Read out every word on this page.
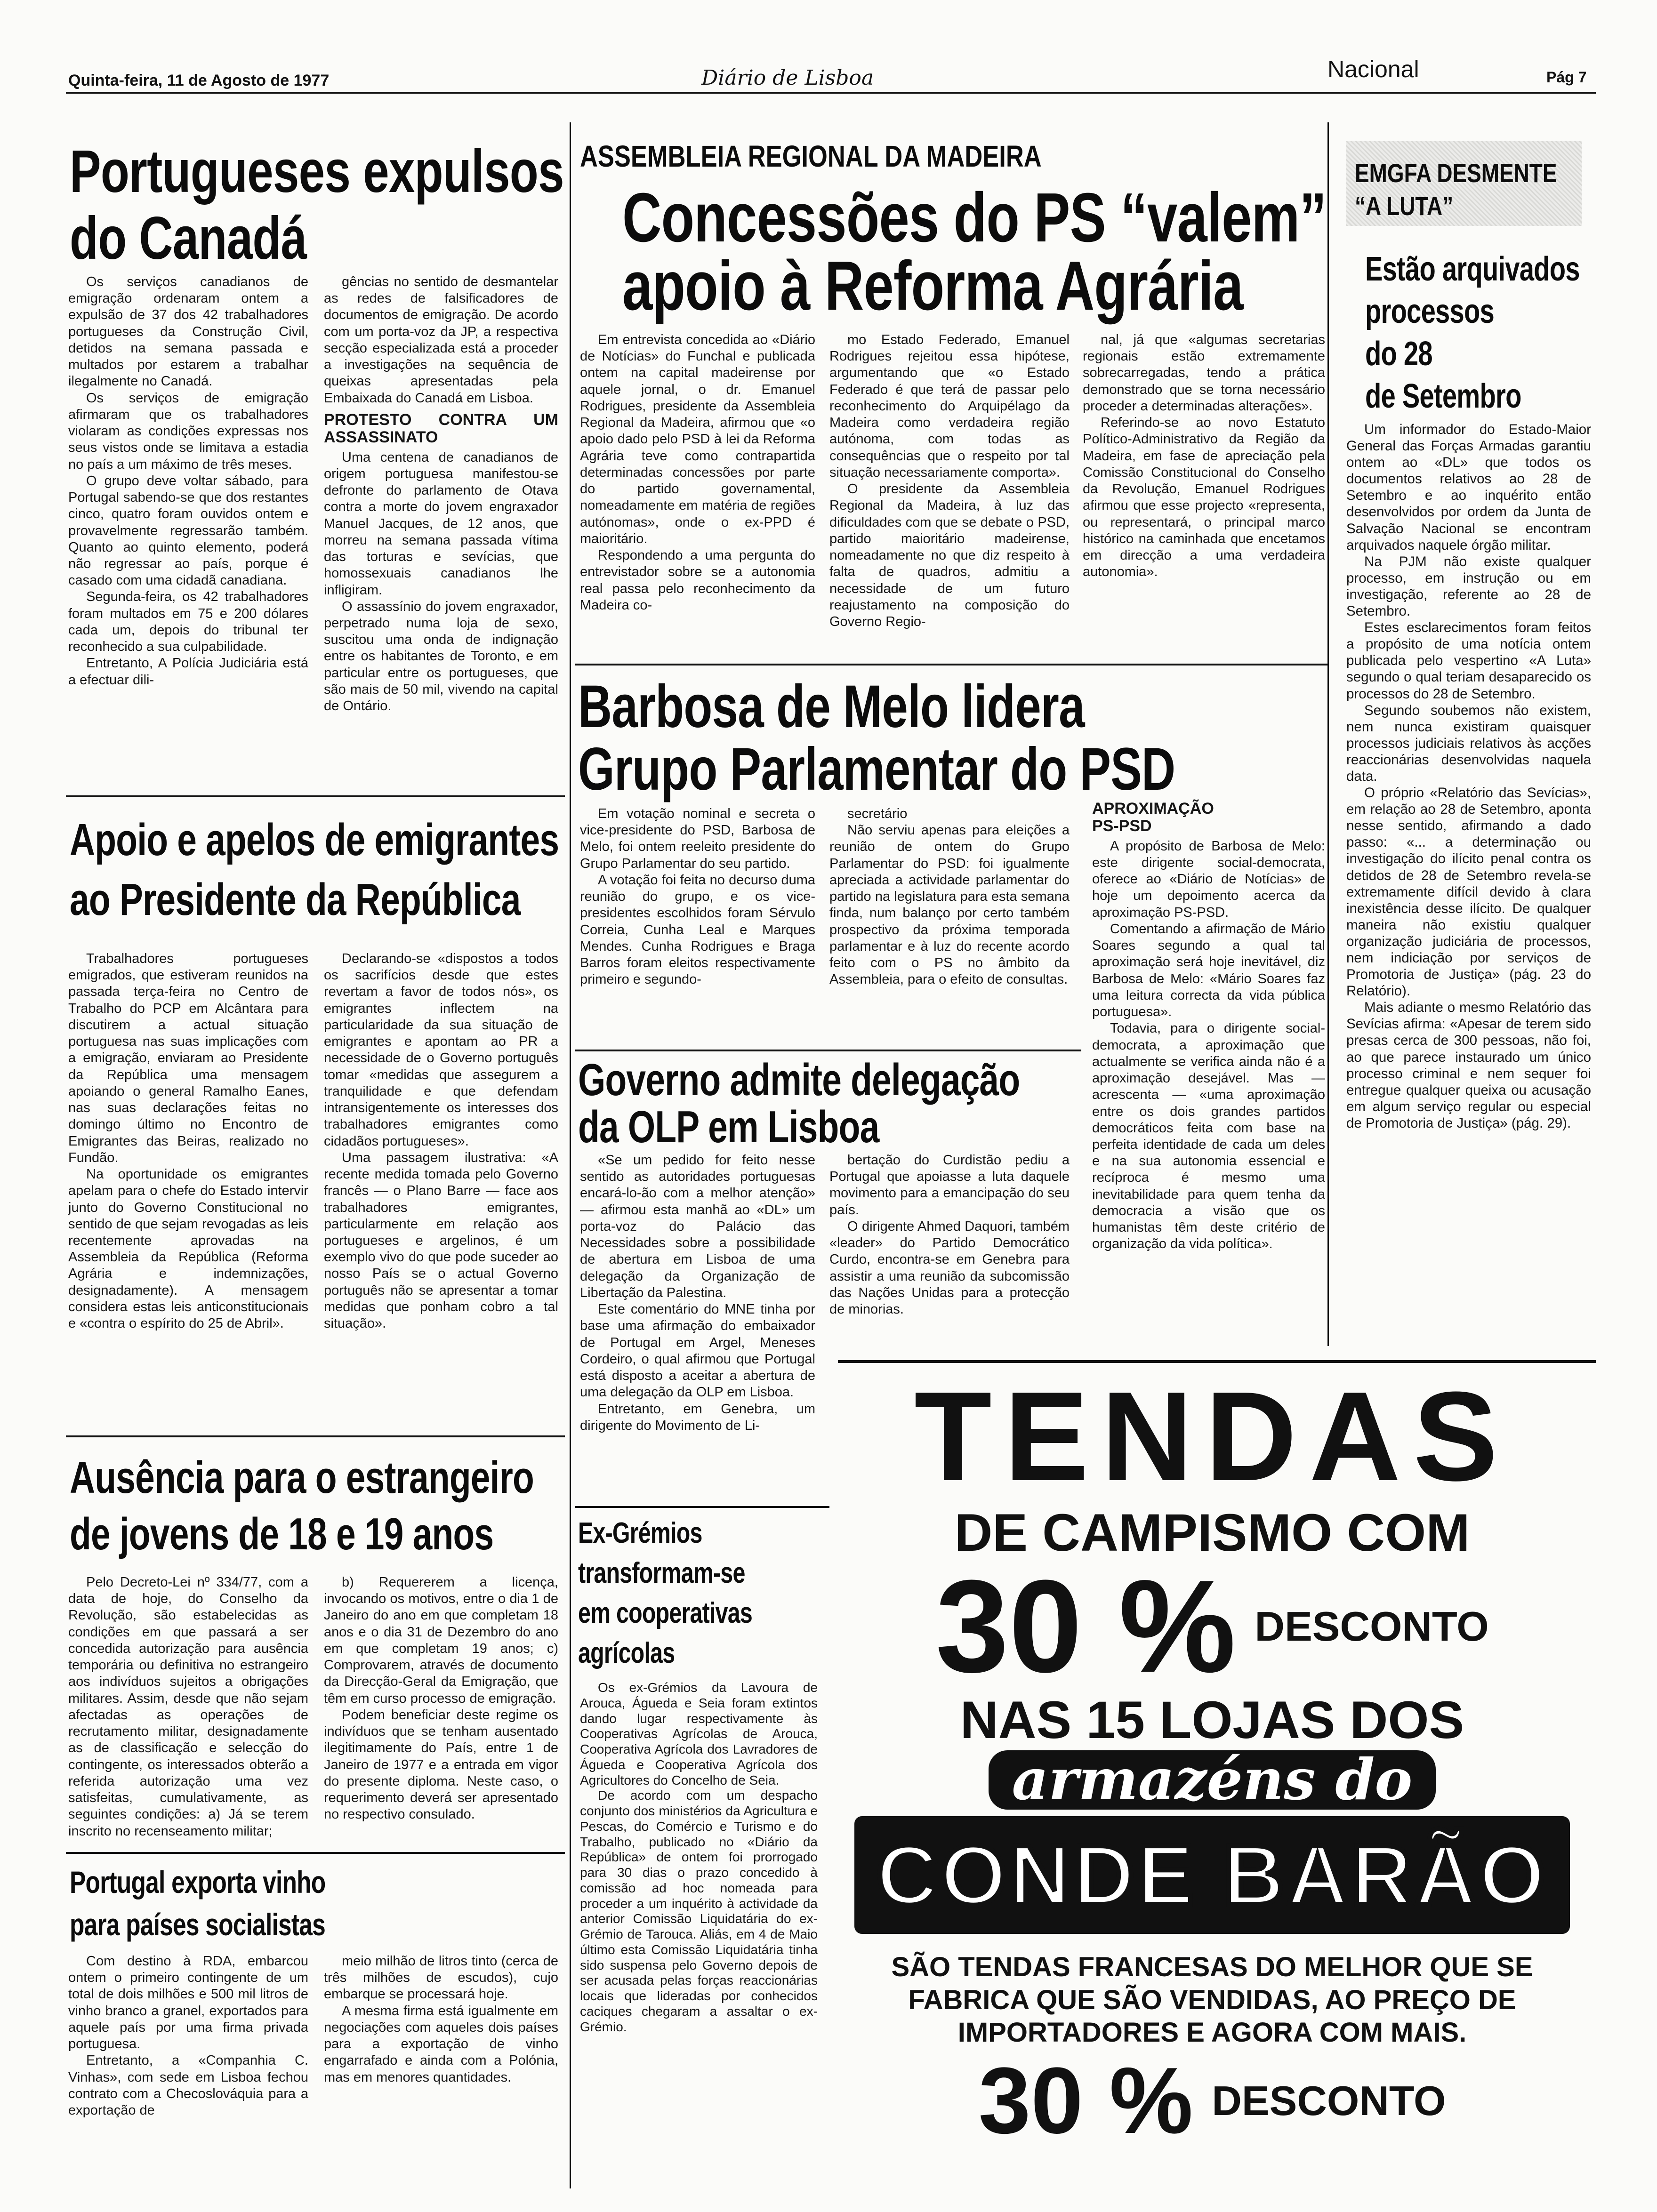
Quinta-feira, 11 de Agosto de 1977	Diário de Lisboa	Nacional	Pág 7
Portugueses expulsos
do Canadá

Os serviços canadianos de emigração ordenaram ontem a expulsão de 37 dos 42 trabalhadores portugueses da Construção Civil, detidos na semana passada e multados por estarem a trabalhar ilegalmente no Canadá.

Os serviços de emigração afirmaram que os trabalhadores violaram as condições expressas nos seus vistos onde se limitava a estadia no país a um máximo de três meses.

O grupo deve voltar sábado, para Portugal sabendo-se que dos restantes cinco, quatro foram ouvidos ontem e provavelmente regressarão também. Quanto ao quinto elemento, poderá não regressar ao país, porque é casado com uma cidadã canadiana.

Segunda-feira, os 42 trabalhadores foram multados em 75 e 200 dólares cada um, depois do tribunal ter reconhecido a sua culpabilidade.

Entretanto, A Polícia Judiciária está a efectuar dili-

gências no sentido de desmantelar as redes de falsificadores de documentos de emigração. De acordo com um porta-voz da JP, a respectiva secção especializada está a proceder a investigações na sequência de queixas apresentadas pela Embaixada do Canadá em Lisboa.

PROTESTO CONTRA UM ASSASSINATO

Uma centena de canadianos de origem portuguesa manifestou-se defronte do parlamento de Otava contra a morte do jovem engraxador Manuel Jacques, de 12 anos, que morreu na semana passada vítima das torturas e sevícias, que homossexuais canadianos lhe infligiram.

O assassínio do jovem engraxador, perpetrado numa loja de sexo, suscitou uma onda de indignação entre os habitantes de Toronto, e em particular entre os portugueses, que são mais de 50 mil, vivendo na capital de Ontário.

Apoio e apelos de emigrantes
ao Presidente da República

Trabalhadores portugueses emigrados, que estiveram reunidos na passada terça-feira no Centro de Trabalho do PCP em Alcântara para discutirem a actual situação portuguesa nas suas implicações com a emigração, enviaram ao Presidente da República uma mensagem apoiando o general Ramalho Eanes, nas suas declarações feitas no domingo último no Encontro de Emigrantes das Beiras, realizado no Fundão.

Na oportunidade os emigrantes apelam para o chefe do Estado intervir junto do Governo Constitucional no sentido de que sejam revogadas as leis recentemente aprovadas na Assembleia da República (Reforma Agrária e indemnizações, designadamente). A mensagem considera estas leis anticonstitucionais e «contra o espírito do 25 de Abril».

Declarando-se «dispostos a todos os sacrifícios desde que estes revertam a favor de todos nós», os emigrantes inflectem na particularidade da sua situação de emigrantes e apontam ao PR a necessidade de o Governo português tomar «medidas que assegurem a tranquilidade e que defendam intransigentemente os interesses dos trabalhadores emigrantes como cidadãos portugueses».

Uma passagem ilustrativa: «A recente medida tomada pelo Governo francês — o Plano Barre — face aos trabalhadores emigrantes, particularmente em relação aos portugueses e argelinos, é um exemplo vivo do que pode suceder ao nosso País se o actual Governo português não se apresentar a tomar medidas que ponham cobro a tal situação».

Ausência para o estrangeiro
de jovens de 18 e 19 anos

Pelo Decreto-Lei nº 334/77, com a data de hoje, do Conselho da Revolução, são estabelecidas as condições em que passará a ser concedida autorização para ausência temporária ou definitiva no estrangeiro aos indivíduos sujeitos a obrigações militares. Assim, desde que não sejam afectadas as operações de recrutamento militar, designadamente as de classificação e selecção do contingente, os interessados obterão a referida autorização uma vez satisfeitas, cumulativamente, as seguintes condições: a) Já se terem inscrito no recenseamento militar;

b) Requererem a licença, invocando os motivos, entre o dia 1 de Janeiro do ano em que completam 18 anos e o dia 31 de Dezembro do ano em que completam 19 anos; c) Comprovarem, através de documento da Direcção-Geral da Emigração, que têm em curso processo de emigração.

Podem beneficiar deste regime os indivíduos que se tenham ausentado ilegitimamente do País, entre 1 de Janeiro de 1977 e a entrada em vigor do presente diploma. Neste caso, o requerimento deverá ser apresentado no respectivo consulado.

Portugal exporta vinho
para países socialistas

Com destino à RDA, embarcou ontem o primeiro contingente de um total de dois milhões e 500 mil litros de vinho branco a granel, exportados para aquele país por uma firma privada portuguesa.

Entretanto, a «Companhia C. Vinhas», com sede em Lisboa fechou contrato com a Checoslováquia para a exportação de

meio milhão de litros tinto (cerca de três milhões de escudos), cujo embarque se processará hoje.

A mesma firma está igualmente em negociações com aqueles dois países para a exportação de vinho engarrafado e ainda com a Polónia, mas em menores quantidades.

ASSEMBLEIA REGIONAL DA MADEIRA
Concessões do PS “valem”
apoio à Reforma Agrária

Em entrevista concedida ao «Diário de Notícias» do Funchal e publicada ontem na capital madeirense por aquele jornal, o dr. Emanuel Rodrigues, presidente da Assembleia Regional da Madeira, afirmou que «o apoio dado pelo PSD à lei da Reforma Agrária teve como contrapartida determinadas concessões por parte do partido governamental, nomeadamente em matéria de regiões autónomas», onde o ex-PPD é maioritário.

Respondendo a uma pergunta do entrevistador sobre se a autonomia real passa pelo reconhecimento da Madeira co-

mo Estado Federado, Emanuel Rodrigues rejeitou essa hipótese, argumentando que «o Estado Federado é que terá de passar pelo reconhecimento do Arquipélago da Madeira como verdadeira região autónoma, com todas as consequências que o respeito por tal situação necessariamente comporta».

O presidente da Assembleia Regional da Madeira, à luz das dificuldades com que se debate o PSD, partido maioritário madeirense, nomeadamente no que diz respeito à falta de quadros, admitiu a necessidade de um futuro reajustamento na composição do Governo Regio-

nal, já que «algumas secretarias regionais estão extremamente sobrecarregadas, tendo a prática demonstrado que se torna necessário proceder a determinadas alterações».

Referindo-se ao novo Estatuto Político-Administrativo da Região da Madeira, em fase de apreciação pela Comissão Constitucional do Conselho da Revolução, Emanuel Rodrigues afirmou que esse projecto «representa, ou representará, o principal marco histórico na caminhada que encetamos em direcção a uma verdadeira autonomia».

Barbosa de Melo lidera
Grupo Parlamentar do PSD

Em votação nominal e secreta o vice-presidente do PSD, Barbosa de Melo, foi ontem reeleito presidente do Grupo Parlamentar do seu partido.

A votação foi feita no decurso duma reunião do grupo, e os vice-presidentes escolhidos foram Sérvulo Correia, Cunha Leal e Marques Mendes. Cunha Rodrigues e Braga Barros foram eleitos respectivamente primeiro e segundo-

secretário

Não serviu apenas para eleições a reunião de ontem do Grupo Parlamentar do PSD: foi igualmente apreciada a actividade parlamentar do partido na legislatura para esta semana finda, num balanço por certo também prospectivo da próxima temporada parlamentar e à luz do recente acordo feito com o PS no âmbito da Assembleia, para o efeito de consultas.

APROXIMAÇÃO
PS-PSD

A propósito de Barbosa de Melo: este dirigente social-democrata, oferece ao «Diário de Notícias» de hoje um depoimento acerca da aproximação PS-PSD.

Comentando a afirmação de Mário Soares segundo a qual tal aproximação será hoje inevitável, diz Barbosa de Melo: «Mário Soares faz uma leitura correcta da vida pública portuguesa».

Todavia, para o dirigente social-democrata, a aproximação que actualmente se verifica ainda não é a aproximação desejável. Mas — acrescenta — «uma aproximação entre os dois grandes partidos democráticos feita com base na perfeita identidade de cada um deles e na sua autonomia essencial e recíproca é mesmo uma inevitabilidade para quem tenha da democracia a visão que os humanistas têm deste critério de organização da vida política».

Governo admite delegação
da OLP em Lisboa

«Se um pedido for feito nesse sentido as autoridades portuguesas encará-lo-ão com a melhor atenção» — afirmou esta manhã ao «DL» um porta-voz do Palácio das Necessidades sobre a possibilidade de abertura em Lisboa de uma delegação da Organização de Libertação da Palestina.

Este comentário do MNE tinha por base uma afirmação do embaixador de Portugal em Argel, Meneses Cordeiro, o qual afirmou que Portugal está disposto a aceitar a abertura de uma delegação da OLP em Lisboa.

Entretanto, em Genebra, um dirigente do Movimento de Li-

bertação do Curdistão pediu a Portugal que apoiasse a luta daquele movimento para a emancipação do seu país.

O dirigente Ahmed Daquori, também «leader» do Partido Democrático Curdo, encontra-se em Genebra para assistir a uma reunião da subcomissão das Nações Unidas para a protecção de minorias.

Ex-Grémios
transformam-se
em cooperativas
agrícolas

Os ex-Grémios da Lavoura de Arouca, Águeda e Seia foram extintos dando lugar respectivamente às Cooperativas Agrícolas de Arouca, Cooperativa Agrícola dos Lavradores de Águeda e Cooperativa Agrícola dos Agricultores do Concelho de Seia.

De acordo com um despacho conjunto dos ministérios da Agricultura e Pescas, do Comércio e Turismo e do Trabalho, publicado no «Diário da República» de ontem foi prorrogado para 30 dias o prazo concedido à comissão ad hoc nomeada para proceder a um inquérito à actividade da anterior Comissão Liquidatária do ex-Grémio de Tarouca. Aliás, em 4 de Maio último esta Comissão Liquidatária tinha sido suspensa pelo Governo depois de ser acusada pelas forças reaccionárias locais que lideradas por conhecidos caciques chegaram a assaltar o ex-Grémio.

EMGFA DESMENTE
“A LUTA”
Estão arquivados
processos
do 28
de Setembro

Um informador do Estado-Maior General das Forças Armadas garantiu ontem ao «DL» que todos os documentos relativos ao 28 de Setembro e ao inquérito então desenvolvidos por ordem da Junta de Salvação Nacional se encontram arquivados naquele órgão militar.

Na PJM não existe qualquer processo, em instrução ou em investigação, referente ao 28 de Setembro.

Estes esclarecimentos foram feitos a propósito de uma notícia ontem publicada pelo vespertino «A Luta» segundo o qual teriam desaparecido os processos do 28 de Setembro.

Segundo soubemos não existem, nem nunca existiram quaisquer processos judiciais relativos às acções reaccionárias desenvolvidas naquela data.

O próprio «Relatório das Sevícias», em relação ao 28 de Setembro, aponta nesse sentido, afirmando a dado passo: «... a determinação ou investigação do ilícito penal contra os detidos de 28 de Setembro revela-se extremamente difícil devido à clara inexistência desse ilícito. De qualquer maneira não existiu qualquer organização judiciária de processos, nem indiciação por serviços de Promotoria de Justiça» (pág. 23 do Relatório).

Mais adiante o mesmo Relatório das Sevícias afirma: «Apesar de terem sido presas cerca de 300 pessoas, não foi, ao que parece instaurado um único processo criminal e nem sequer foi entregue qualquer queixa ou acusação em algum serviço regular ou especial de Promotoria de Justiça» (pág. 29).

TENDAS
DE CAMPISMO COM
30 % DESCONTO
NAS 15 LOJAS DOS
armazéns do
CONDE BARÃO
SÃO TENDAS FRANCESAS DO MELHOR QUE SE
FABRICA QUE SÃO VENDIDAS, AO PREÇO DE
IMPORTADORES E AGORA COM MAIS.
30 % DESCONTO
